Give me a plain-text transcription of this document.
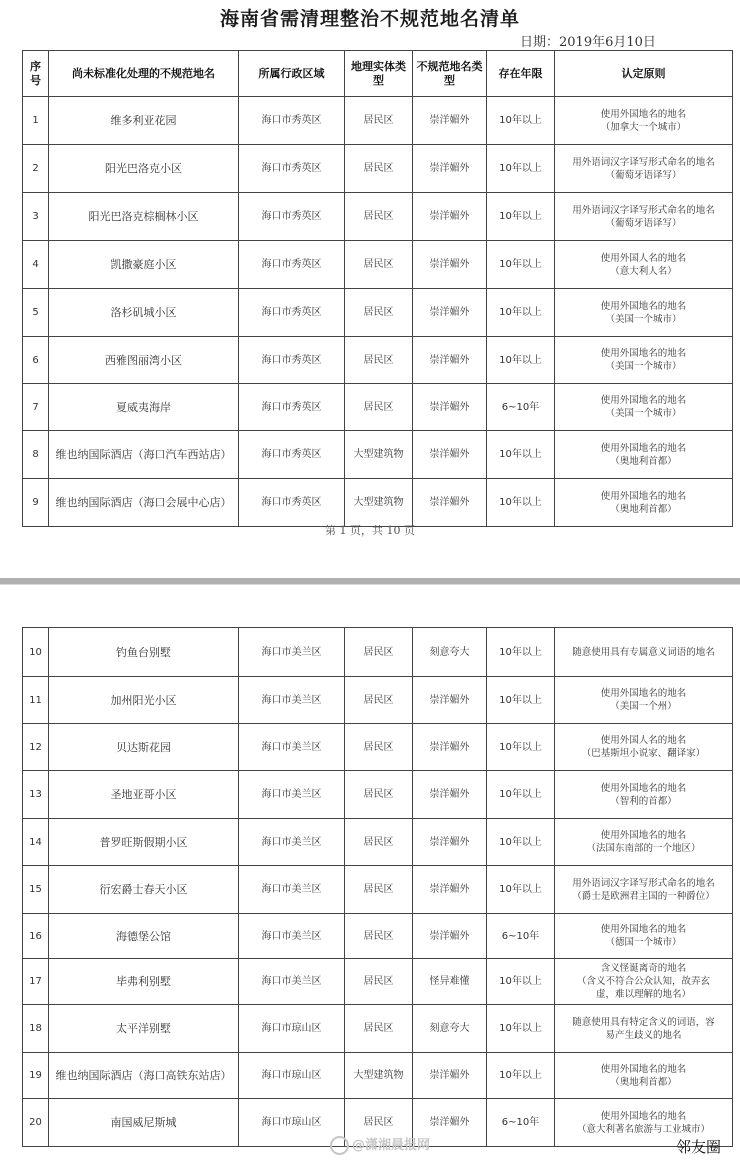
海南省需清理整治不规范地名清单
日期：2019年6月10日
序号	尚未标准化处理的不规范地名	所属行政区域	地理实体类型	不规范地名类型	存在年限	认定原则
1	维多利亚花园	海口市秀英区	居民区	崇洋媚外	10年以上	使用外国地名的地名
（加拿大一个城市）

2	阳光巴洛克小区	海口市秀英区	居民区	崇洋媚外	10年以上	用外语词汉字译写形式命名的地名
（葡萄牙语译写）

3	阳光巴洛克棕榈林小区	海口市秀英区	居民区	崇洋媚外	10年以上	用外语词汉字译写形式命名的地名
（葡萄牙语译写）

4	凯撒豪庭小区	海口市秀英区	居民区	崇洋媚外	10年以上	使用外国人名的地名
（意大利人名）

5	洛杉矶城小区	海口市秀英区	居民区	崇洋媚外	10年以上	使用外国地名的地名
（美国一个城市）

6	西雅图丽湾小区	海口市秀英区	居民区	崇洋媚外	10年以上	使用外国地名的地名
（美国一个城市）

7	夏威夷海岸	海口市秀英区	居民区	崇洋媚外	6~10年	使用外国地名的地名
（美国一个城市）

8	维也纳国际酒店（海口汽车西站店）	海口市秀英区	大型建筑物	崇洋媚外	10年以上	使用外国地名的地名
（奥地利首都）

9	维也纳国际酒店（海口会展中心店）	海口市秀英区	大型建筑物	崇洋媚外	10年以上	使用外国地名的地名
（奥地利首都）
第 1 页，共 10 页
10	钓鱼台别墅	海口市美兰区	居民区	刻意夸大	10年以上	随意使用具有专属意义词语的地名

11	加州阳光小区	海口市美兰区	居民区	崇洋媚外	10年以上	使用外国地名的地名
（美国一个州）

12	贝达斯花园	海口市美兰区	居民区	崇洋媚外	10年以上	使用外国人名的地名
（巴基斯坦小说家、翻译家）

13	圣地亚哥小区	海口市美兰区	居民区	崇洋媚外	10年以上	使用外国地名的地名
（智利的首都）

14	普罗旺斯假期小区	海口市美兰区	居民区	崇洋媚外	10年以上	使用外国地名的地名
（法国东南部的一个地区）

15	衍宏爵士春天小区	海口市美兰区	居民区	崇洋媚外	10年以上	用外语词汉字译写形式命名的地名
（爵士是欧洲君主国的一种爵位）

16	海德堡公馆	海口市美兰区	居民区	崇洋媚外	6~10年	使用外国地名的地名
（德国一个城市）

17	毕弗利别墅	海口市美兰区	居民区	怪异难懂	10年以上	含义怪诞离奇的地名
（含义不符合公众认知，故弄玄
虚，难以理解的地名）

18	太平洋别墅	海口市琼山区	居民区	刻意夸大	10年以上	随意使用具有特定含义的词语，容
易产生歧义的地名

19	维也纳国际酒店（海口高铁东站店）	海口市琼山区	大型建筑物	崇洋媚外	10年以上	使用外国地名的地名
（奥地利首都）

20	南国威尼斯城	海口市琼山区	居民区	崇洋媚外	6~10年	使用外国地名的地名
（意大利著名旅游与工业城市）
@潇湘晨报网	邻友圈
